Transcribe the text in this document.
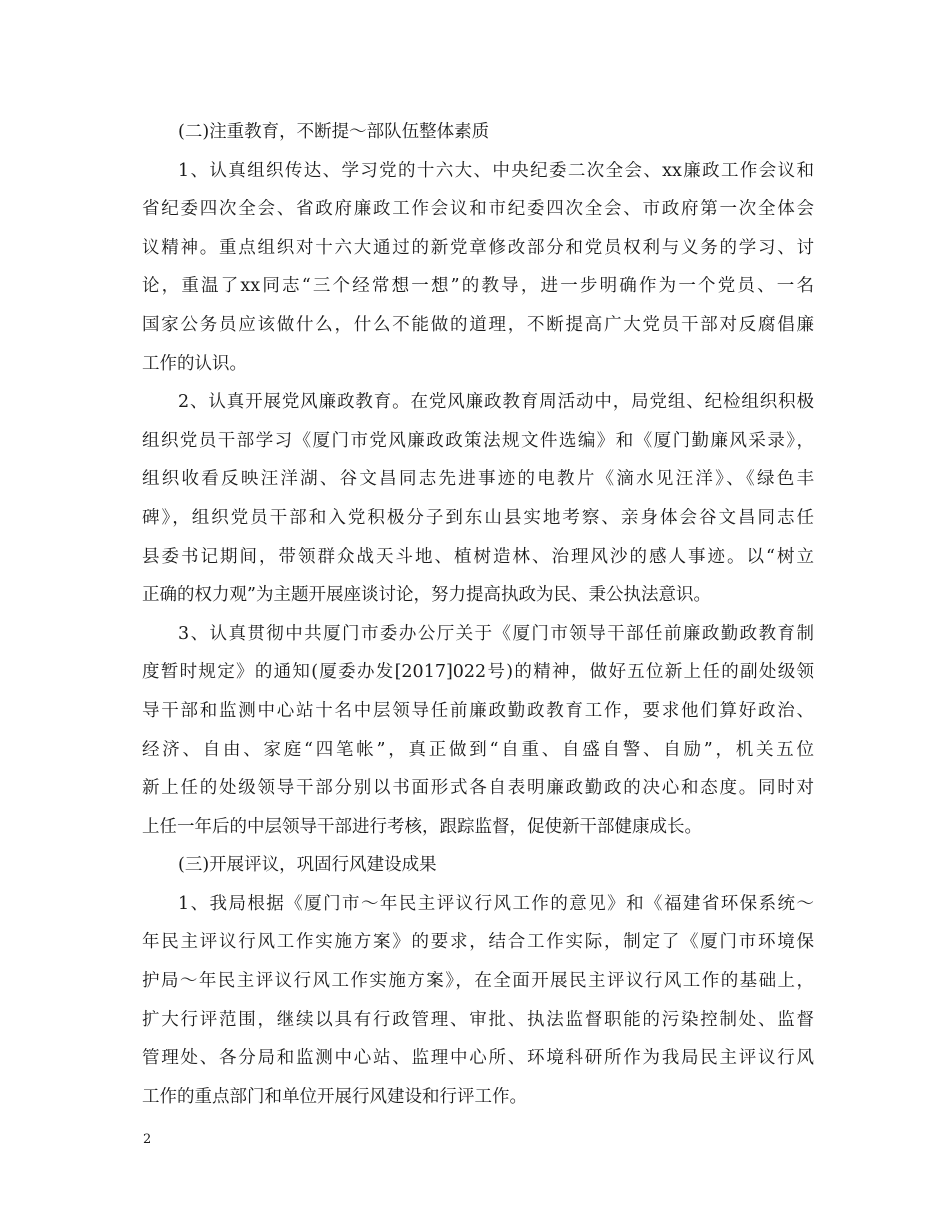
(二)注重教育，不断提～部队伍整体素质
1、认真组织传达、学习党的十六大、中央纪委二次全会、xx廉政工作会议和
省纪委四次全会、省政府廉政工作会议和市纪委四次全会、市政府第一次全体会
议精神。重点组织对十六大通过的新党章修改部分和党员权利与义务的学习、讨
论，重温了xx同志“三个经常想一想”的教导，进一步明确作为一个党员、一名
国家公务员应该做什么，什么不能做的道理，不断提高广大党员干部对反腐倡廉
工作的认识。
2、认真开展党风廉政教育。在党风廉政教育周活动中，局党组、纪检组织积极
组织党员干部学习《厦门市党风廉政政策法规文件选编》和《厦门勤廉风采录》，
组织收看反映汪洋湖、谷文昌同志先进事迹的电教片《滴水见汪洋》、《绿色丰
碑》，组织党员干部和入党积极分子到东山县实地考察、亲身体会谷文昌同志任
县委书记期间，带领群众战天斗地、植树造林、治理风沙的感人事迹。以“树立
正确的权力观”为主题开展座谈讨论，努力提高执政为民、秉公执法意识。
3、认真贯彻中共厦门市委办公厅关于《厦门市领导干部任前廉政勤政教育制
度暂时规定》的通知(厦委办发[2017]022号)的精神，做好五位新上任的副处级领
导干部和监测中心站十名中层领导任前廉政勤政教育工作，要求他们算好政治、
经济、自由、家庭“四笔帐”，真正做到“自重、自盛自警、自励”，机关五位
新上任的处级领导干部分别以书面形式各自表明廉政勤政的决心和态度。同时对
上任一年后的中层领导干部进行考核，跟踪监督，促使新干部健康成长。
(三)开展评议，巩固行风建设成果
1、我局根据《厦门市～年民主评议行风工作的意见》和《福建省环保系统～
年民主评议行风工作实施方案》的要求，结合工作实际，制定了《厦门市环境保
护局～年民主评议行风工作实施方案》，在全面开展民主评议行风工作的基础上，
扩大行评范围，继续以具有行政管理、审批、执法监督职能的污染控制处、监督
管理处、各分局和监测中心站、监理中心所、环境科研所作为我局民主评议行风
工作的重点部门和单位开展行风建设和行评工作。
2
